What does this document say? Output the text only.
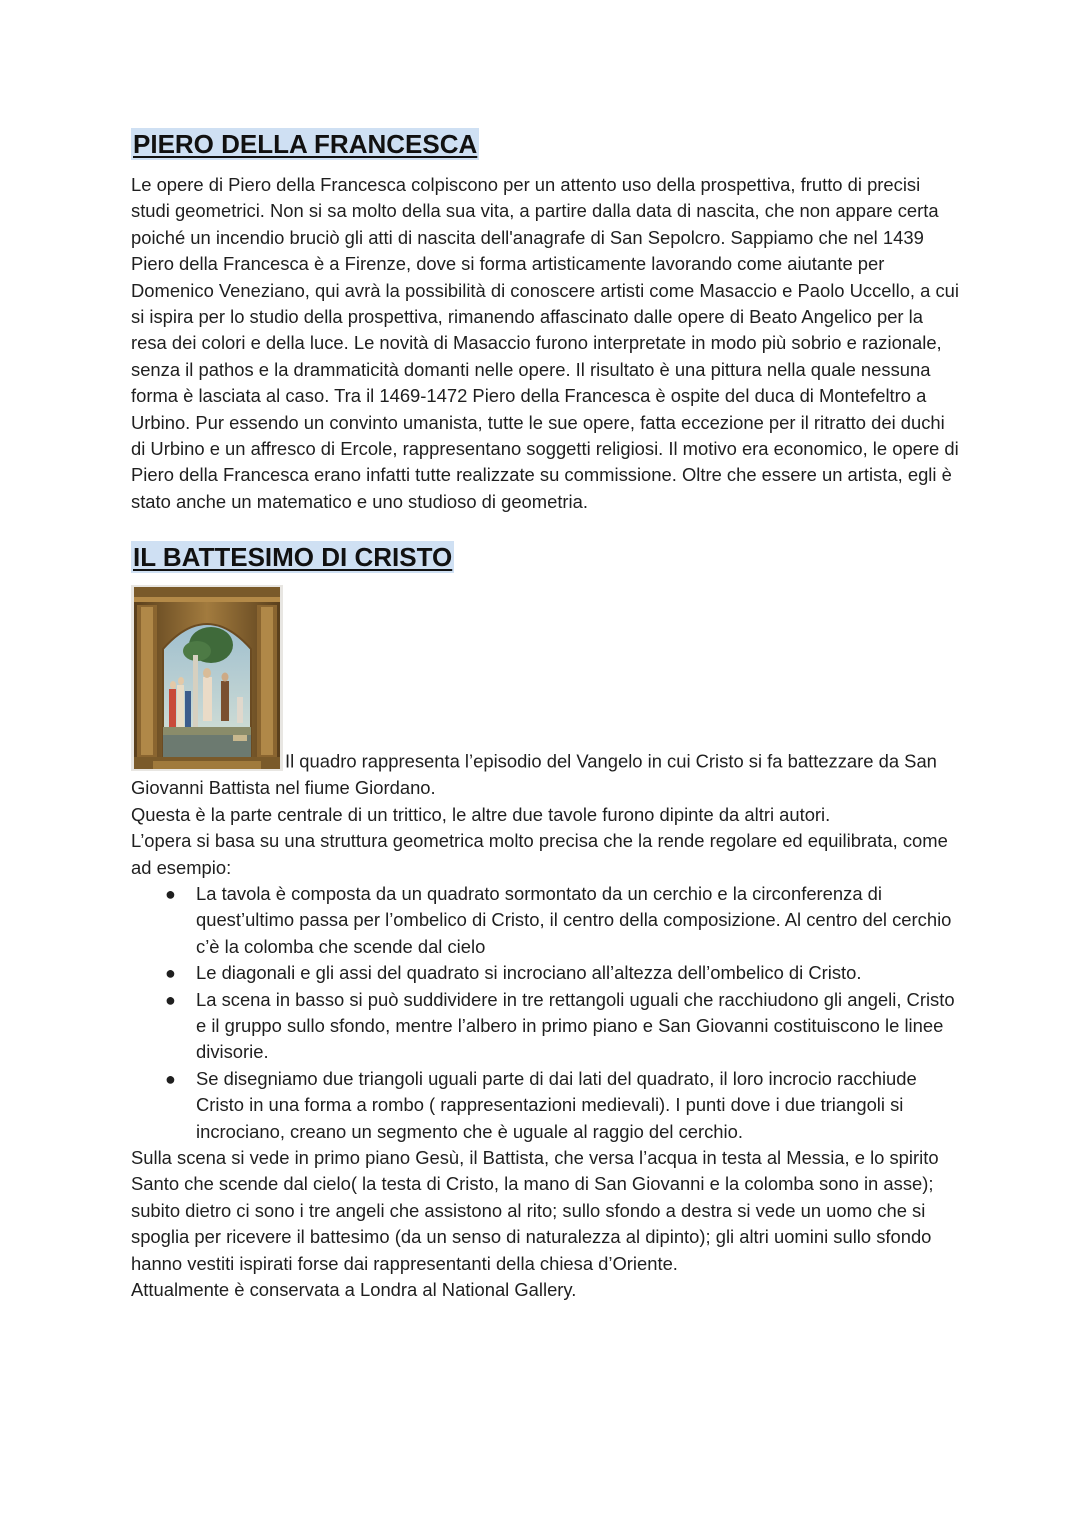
PIERO DELLA FRANCESCA

Le opere di Piero della Francesca colpiscono per un attento uso della prospettiva, frutto di precisi studi geometrici. Non si sa molto della sua vita, a partire dalla data di nascita, che non appare certa poiché un incendio bruciò gli atti di nascita dell'anagrafe di San Sepolcro. Sappiamo che nel 1439 Piero della Francesca è a Firenze, dove si forma artisticamente lavorando come aiutante per Domenico Veneziano, qui avrà la possibilità di conoscere artisti come Masaccio e Paolo Uccello, a cui si ispira per lo studio della prospettiva, rimanendo affascinato dalle opere di Beato Angelico per la resa dei colori e della luce. Le novità di Masaccio furono interpretate in modo più sobrio e razionale, senza il pathos e la drammaticità domanti nelle opere. Il risultato è una pittura nella quale nessuna forma è lasciata al caso. Tra il 1469-1472 Piero della Francesca è ospite del duca di Montefeltro a Urbino. Pur essendo un convinto umanista, tutte le sue opere, fatta eccezione per il ritratto dei duchi di Urbino e un affresco di Ercole, rappresentano soggetti religiosi. Il motivo era economico, le opere di Piero della Francesca erano infatti tutte realizzate su commissione. Oltre che essere un artista, egli è stato anche un matematico e uno studioso di geometria.

IL BATTESIMO DI CRISTO

Il quadro rappresenta l’episodio del Vangelo in cui Cristo si fa battezzare da San Giovanni Battista nel fiume Giordano.

Questa è la parte centrale di un trittico, le altre due tavole furono dipinte da altri autori.

L’opera si basa su una struttura geometrica molto precisa che la rende regolare ed equilibrata, come ad esempio:

● La tavola è composta da un quadrato sormontato da un cerchio e la circonferenza di quest’ultimo passa per l’ombelico di Cristo, il centro della composizione. Al centro del cerchio c’è la colomba che scende dal cielo
● Le diagonali e gli assi del quadrato si incrociano all’altezza dell’ombelico di Cristo.
● La scena in basso si può suddividere in tre rettangoli uguali che racchiudono gli angeli, Cristo e il gruppo sullo sfondo, mentre l’albero in primo piano e San Giovanni costituiscono le linee divisorie.
● Se disegniamo due triangoli uguali parte di dai lati del quadrato, il loro incrocio racchiude Cristo in una forma a rombo ( rappresentazioni medievali). I punti dove i due triangoli si incrociano, creano un segmento che è uguale al raggio del cerchio.

Sulla scena si vede in primo piano Gesù, il Battista, che versa l’acqua in testa al Messia, e lo spirito Santo che scende dal cielo( la testa di Cristo, la mano di San Giovanni e la colomba sono in asse); subito dietro ci sono i tre angeli che assistono al rito; sullo sfondo a destra si vede un uomo che si spoglia per ricevere il battesimo (da un senso di naturalezza al dipinto); gli altri uomini sullo sfondo hanno vestiti ispirati forse dai rappresentanti della chiesa d’Oriente.

Attualmente è conservata a Londra al National Gallery.
